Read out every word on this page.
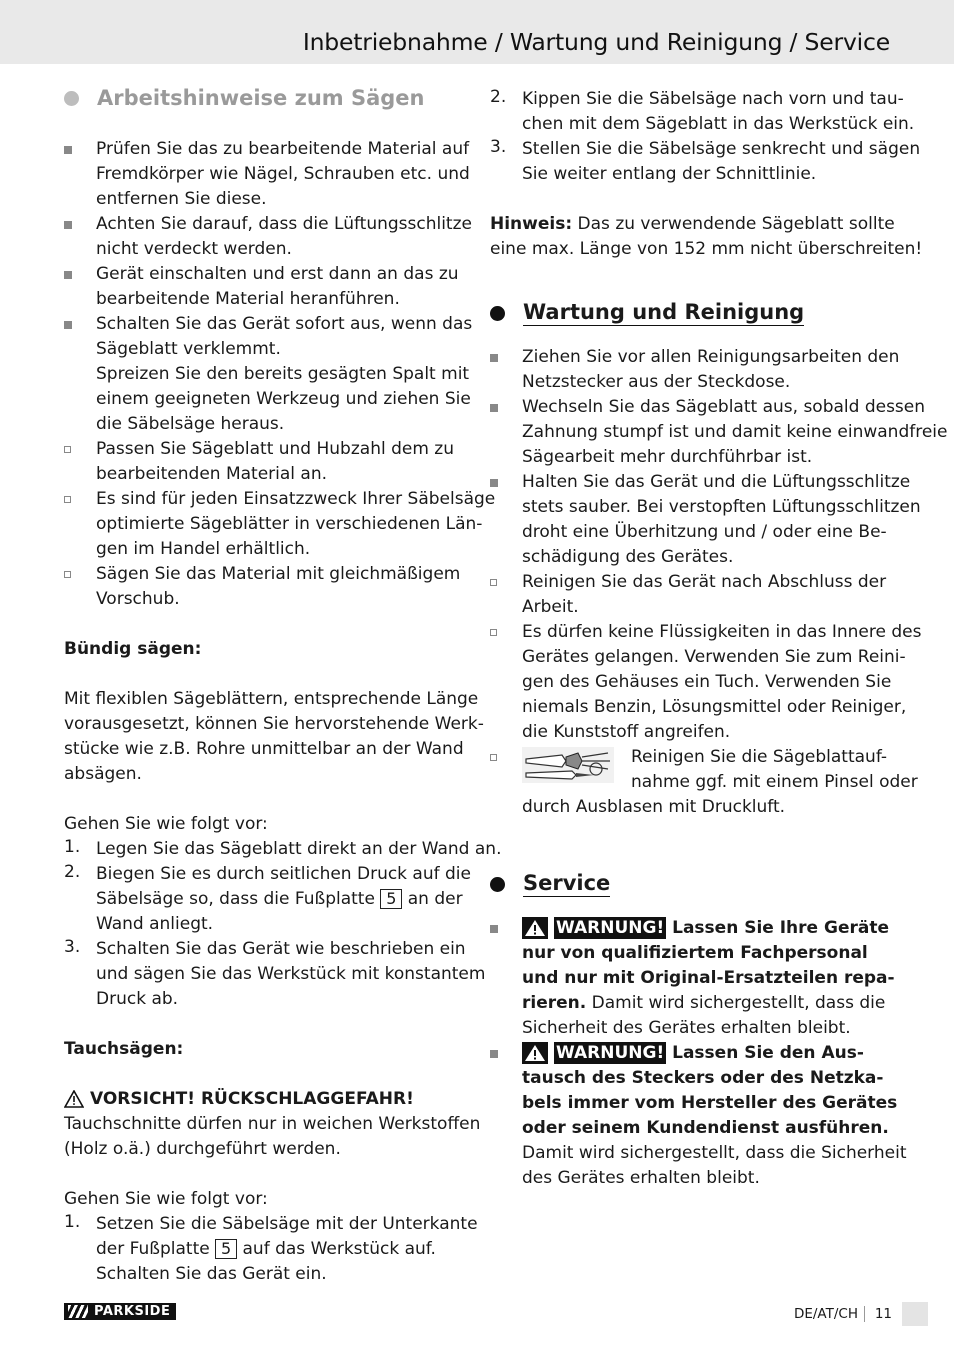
Inbetriebnahme / Wartung und Reinigung / Service
Arbeitshinweise zum Sägen
Prüfen Sie das zu bearbeitende Material auf
Fremdkörper wie Nägel, Schrauben etc. und
entfernen Sie diese.
Achten Sie darauf, dass die Lüftungsschlitze
nicht verdeckt werden.
Gerät einschalten und erst dann an das zu
bearbeitende Material heranführen.
Schalten Sie das Gerät sofort aus, wenn das
Sägeblatt verklemmt.
Spreizen Sie den bereits gesägten Spalt mit
einem geeigneten Werkzeug und ziehen Sie
die Säbelsäge heraus.
Passen Sie Sägeblatt und Hubzahl dem zu
bearbeitenden Material an.
Es sind für jeden Einsatzzweck Ihrer Säbelsäge
optimierte Sägeblätter in verschiedenen Län-
gen im Handel erhältlich.
Sägen Sie das Material mit gleichmäßigem
Vorschub.
Bündig sägen:
Mit flexiblen Sägeblättern, entsprechende Länge
vorausgesetzt, können Sie hervorstehende Werk-
stücke wie z.B. Rohre unmittelbar an der Wand
absägen.
Gehen Sie wie folgt vor:
1. Legen Sie das Sägeblatt direkt an der Wand an.
2. Biegen Sie es durch seitlichen Druck auf die
Säbelsäge so, dass die Fußplatte 5 an der
Wand anliegt.
3. Schalten Sie das Gerät wie beschrieben ein
und sägen Sie das Werkstück mit konstantem
Druck ab.
Tauchsägen:
VORSICHT! RÜCKSCHLAGGEFAHR!
Tauchschnitte dürfen nur in weichen Werkstoffen
(Holz o.ä.) durchgeführt werden.
Gehen Sie wie folgt vor:
1. Setzen Sie die Säbelsäge mit der Unterkante
der Fußplatte 5 auf das Werkstück auf.
Schalten Sie das Gerät ein.
2. Kippen Sie die Säbelsäge nach vorn und tau-
chen mit dem Sägeblatt in das Werkstück ein.
3. Stellen Sie die Säbelsäge senkrecht und sägen
Sie weiter entlang der Schnittlinie.
Hinweis: Das zu verwendende Sägeblatt sollte
eine max. Länge von 152 mm nicht überschreiten!
Wartung und Reinigung
Ziehen Sie vor allen Reinigungsarbeiten den
Netzstecker aus der Steckdose.
Wechseln Sie das Sägeblatt aus, sobald dessen
Zahnung stumpf ist und damit keine einwandfreie
Sägearbeit mehr durchführbar ist.
Halten Sie das Gerät und die Lüftungsschlitze
stets sauber. Bei verstopften Lüftungsschlitzen
droht eine Überhitzung und / oder eine Be-
schädigung des Gerätes.
Reinigen Sie das Gerät nach Abschluss der
Arbeit.
Es dürfen keine Flüssigkeiten in das Innere des
Gerätes gelangen. Verwenden Sie zum Reini-
gen des Gehäuses ein Tuch. Verwenden Sie
niemals Benzin, Lösungsmittel oder Reiniger,
die Kunststoff angreifen.
Reinigen Sie die Sägeblattauf-
nahme ggf. mit einem Pinsel oder
durch Ausblasen mit Druckluft.
Service
WARNUNG! Lassen Sie Ihre Geräte
nur von qualifiziertem Fachpersonal
und nur mit Original-Ersatzteilen repa-
rieren. Damit wird sichergestellt, dass die
Sicherheit des Gerätes erhalten bleibt.
WARNUNG! Lassen Sie den Aus-
tausch des Steckers oder des Netzka-
bels immer vom Hersteller des Gerätes
oder seinem Kundendienst ausführen.
Damit wird sichergestellt, dass die Sicherheit
des Gerätes erhalten bleibt.
PARKSIDE	DE/AT/CH	11
